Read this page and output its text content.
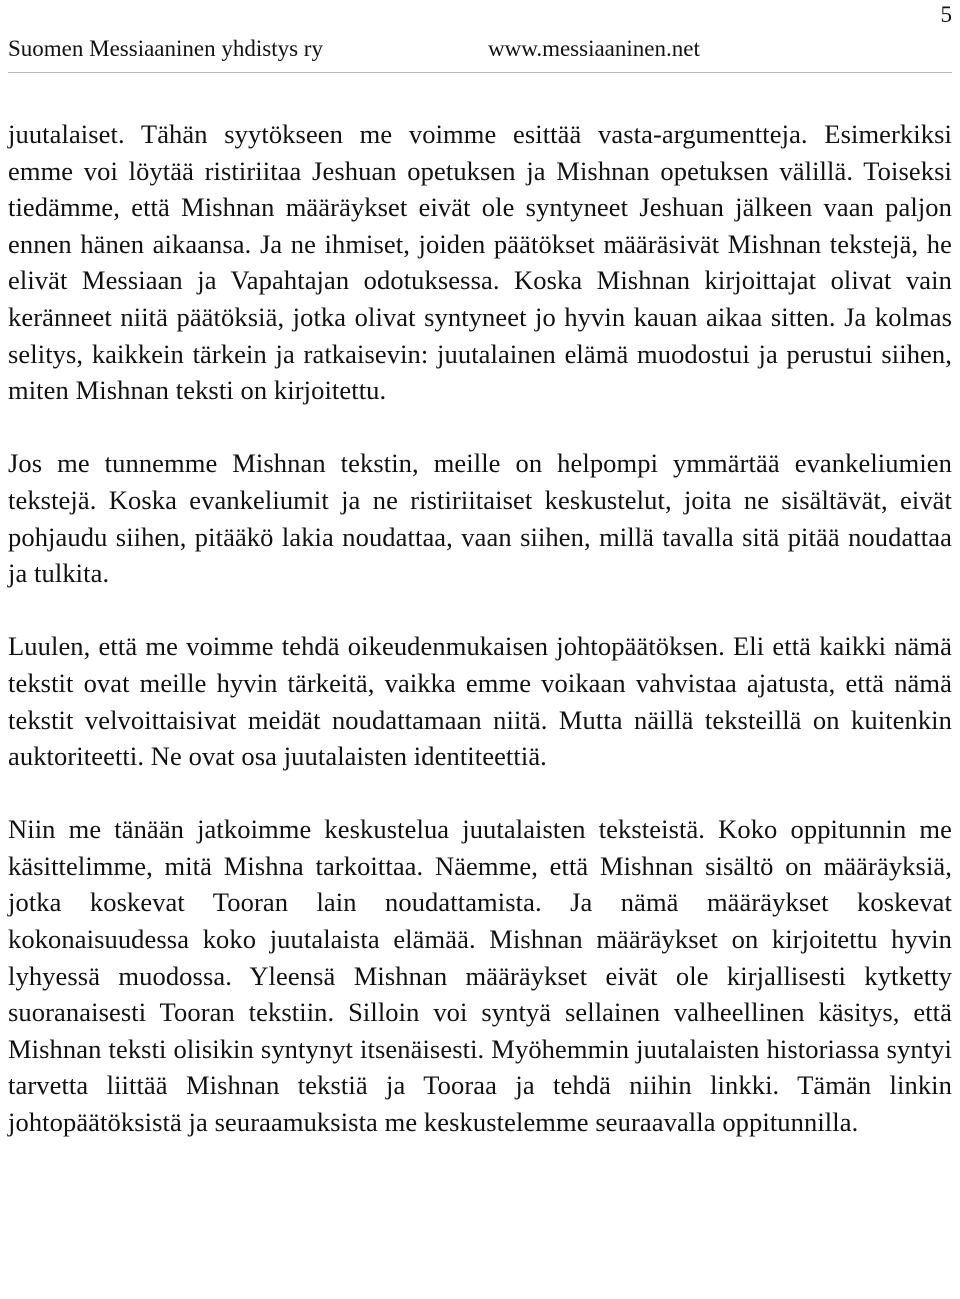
Suomen Messiaaninen yhdistys ry	www.messiaaninen.net
5

juutalaiset. Tähän syytökseen me voimme esittää vasta-argumentteja. Esimerkiksi emme voi löytää ristiriitaa Jeshuan opetuksen ja Mishnan opetuksen välillä. Toiseksi tiedämme, että Mishnan määräykset eivät ole syntyneet Jeshuan jälkeen vaan paljon ennen hänen aikaansa. Ja ne ihmiset, joiden päätökset määräsivät Mishnan tekstejä, he elivät Messiaan ja Vapahtajan odotuksessa. Koska Mishnan kirjoittajat olivat vain keränneet niitä päätöksiä, jotka olivat syntyneet jo hyvin kauan aikaa sitten. Ja kolmas selitys, kaikkein tärkein ja ratkaisevin: juutalainen elämä muodostui ja perustui siihen, miten Mishnan teksti on kirjoitettu.

Jos me tunnemme Mishnan tekstin, meille on helpompi ymmärtää evankeliumien tekstejä. Koska evankeliumit ja ne ristiriitaiset keskustelut, joita ne sisältävät, eivät pohjaudu siihen, pitääkö lakia noudattaa, vaan siihen, millä tavalla sitä pitää noudattaa ja tulkita.

Luulen, että me voimme tehdä oikeudenmukaisen johtopäätöksen. Eli että kaikki nämä tekstit ovat meille hyvin tärkeitä, vaikka emme voikaan vahvistaa ajatusta, että nämä tekstit velvoittaisivat meidät noudattamaan niitä. Mutta näillä teksteillä on kuitenkin auktoriteetti. Ne ovat osa juutalaisten identiteettiä.

Niin me tänään jatkoimme keskustelua juutalaisten teksteistä. Koko oppitunnin me käsittelimme, mitä Mishna tarkoittaa. Näemme, että Mishnan sisältö on määräyksiä, jotka koskevat Tooran lain noudattamista. Ja nämä määräykset koskevat kokonaisuudessa koko juutalaista elämää. Mishnan määräykset on kirjoitettu hyvin lyhyessä muodossa. Yleensä Mishnan määräykset eivät ole kirjallisesti kytketty suoranaisesti Tooran tekstiin. Silloin voi syntyä sellainen valheellinen käsitys, että Mishnan teksti olisikin syntynyt itsenäisesti. Myöhemmin juutalaisten historiassa syntyi tarvetta liittää Mishnan tekstiä ja Tooraa ja tehdä niihin linkki. Tämän linkin johtopäätöksistä ja seuraamuksista me keskustelemme seuraavalla oppitunnilla.
